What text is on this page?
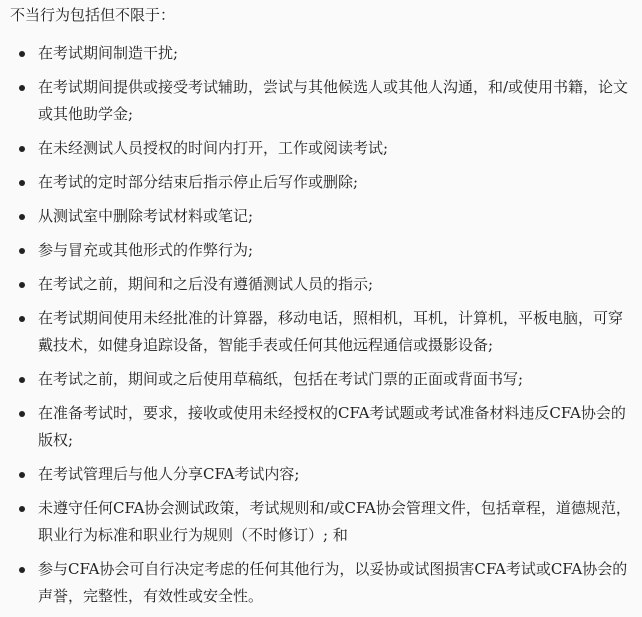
不当行为包括但不限于：

在考试期间制造干扰;
在考试期间提供或接受考试辅助，尝试与其他候选人或其他人沟通，和/或使用书籍，论文或其他助学金;
在未经测试人员授权的时间内打开，工作或阅读考试;
在考试的定时部分结束后指示停止后写作或删除;
从测试室中删除考试材料或笔记;
参与冒充或其他形式的作弊行为;
在考试之前，期间和之后没有遵循测试人员的指示;
在考试期间使用未经批准的计算器，移动电话，照相机，耳机，计算机，平板电脑，可穿戴技术，如健身追踪设备，智能手表或任何其他远程通信或摄影设备;
在考试之前，期间或之后使用草稿纸，包括在考试门票的正面或背面书写;
在准备考试时，要求，接收或使用未经授权的CFA考试题或考试准备材料违反CFA协会的版权;
在考试管理后与他人分享CFA考试内容;
未遵守任何CFA协会测试政策，考试规则和/或CFA协会管理文件，包括章程，道德规范，职业行为标准和职业行为规则（不时修订）; 和
参与CFA协会可自行决定考虑的任何其他行为，以妥协或试图损害CFA考试或CFA协会的声誉，完整性，有效性或安全性。
